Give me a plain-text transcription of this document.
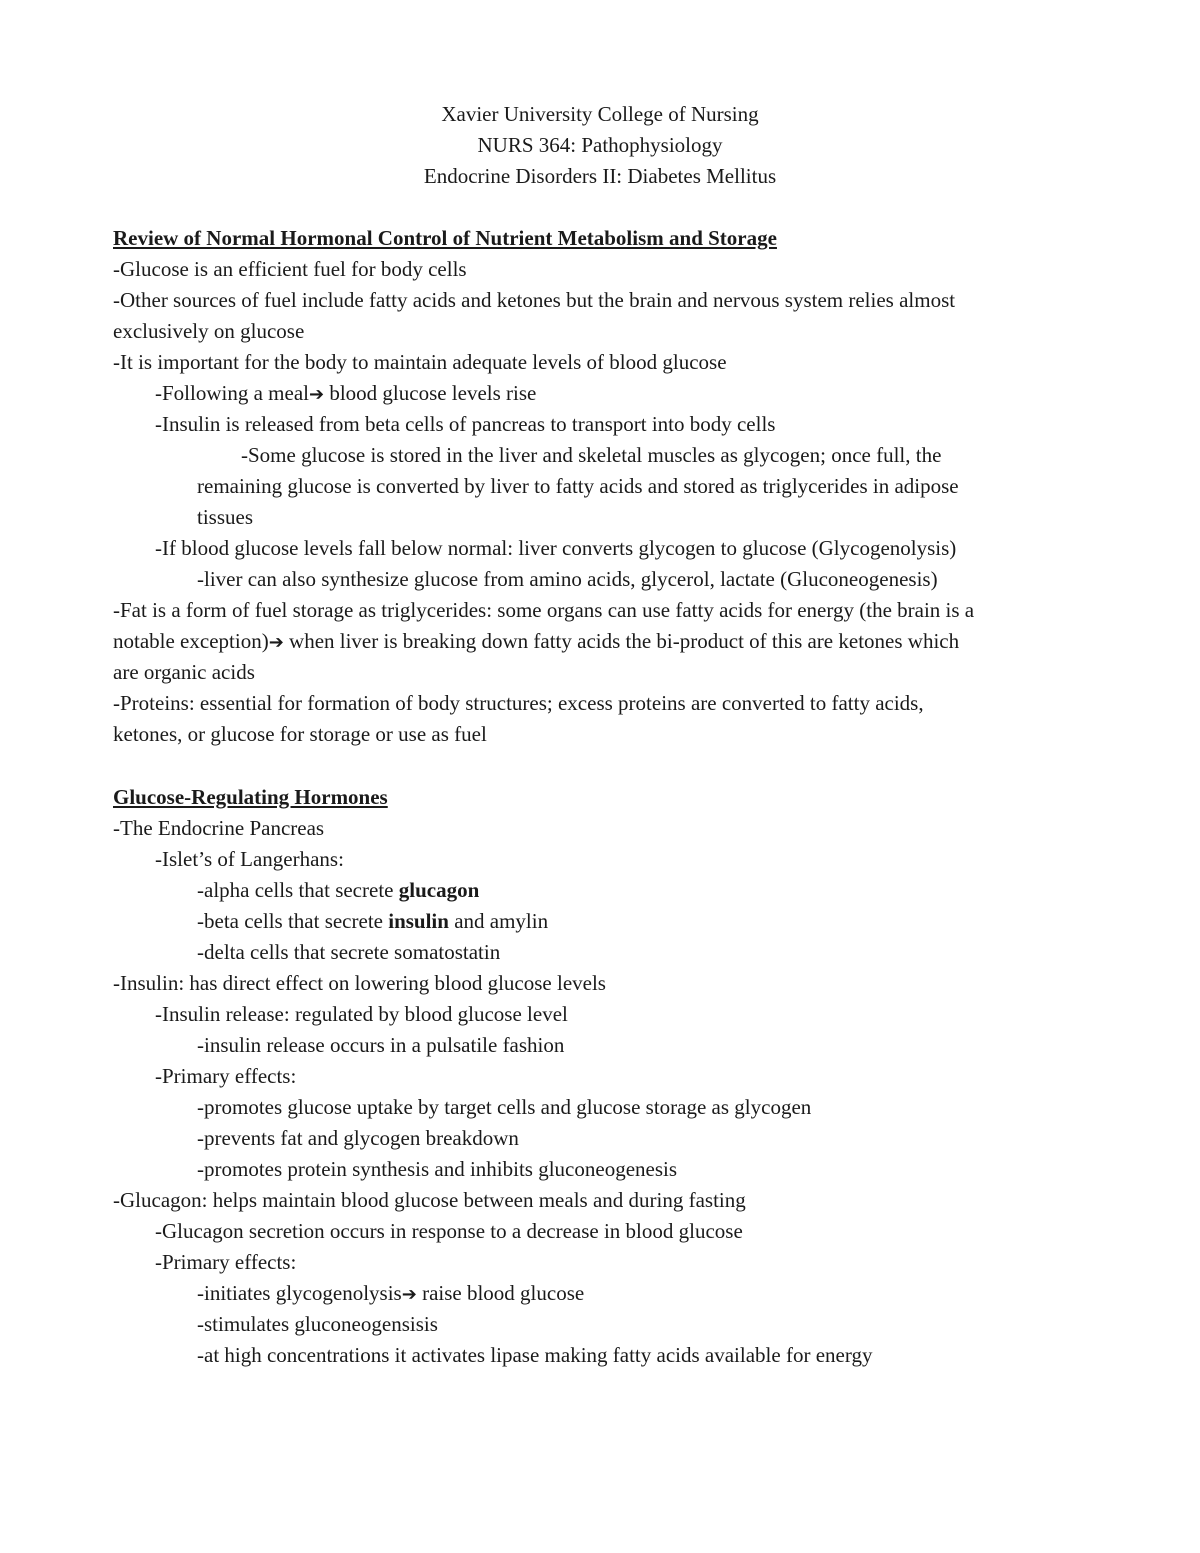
Xavier University College of Nursing
NURS 364: Pathophysiology
Endocrine Disorders II: Diabetes Mellitus
Review of Normal Hormonal Control of Nutrient Metabolism and Storage
-Glucose is an efficient fuel for body cells
-Other sources of fuel include fatty acids and ketones but the brain and nervous system relies almost
exclusively on glucose
-It is important for the body to maintain adequate levels of blood glucose
-Following a meal➔ blood glucose levels rise
-Insulin is released from beta cells of pancreas to transport into body cells
-Some glucose is stored in the liver and skeletal muscles as glycogen; once full, the
remaining glucose is converted by liver to fatty acids and stored as triglycerides in adipose
tissues
-If blood glucose levels fall below normal: liver converts glycogen to glucose (Glycogenolysis)
-liver can also synthesize glucose from amino acids, glycerol, lactate (Gluconeogenesis)
-Fat is a form of fuel storage as triglycerides: some organs can use fatty acids for energy (the brain is a
notable exception)➔ when liver is breaking down fatty acids the bi-product of this are ketones which
are organic acids
-Proteins: essential for formation of body structures; excess proteins are converted to fatty acids,
ketones, or glucose for storage or use as fuel
Glucose-Regulating Hormones
-The Endocrine Pancreas
-Islet’s of Langerhans:
-alpha cells that secrete glucagon
-beta cells that secrete insulin and amylin
-delta cells that secrete somatostatin
-Insulin: has direct effect on lowering blood glucose levels
-Insulin release: regulated by blood glucose level
-insulin release occurs in a pulsatile fashion
-Primary effects:
-promotes glucose uptake by target cells and glucose storage as glycogen
-prevents fat and glycogen breakdown
-promotes protein synthesis and inhibits gluconeogenesis
-Glucagon: helps maintain blood glucose between meals and during fasting
-Glucagon secretion occurs in response to a decrease in blood glucose
-Primary effects:
-initiates glycogenolysis➔ raise blood glucose
-stimulates gluconeogensisis
-at high concentrations it activates lipase making fatty acids available for energy
